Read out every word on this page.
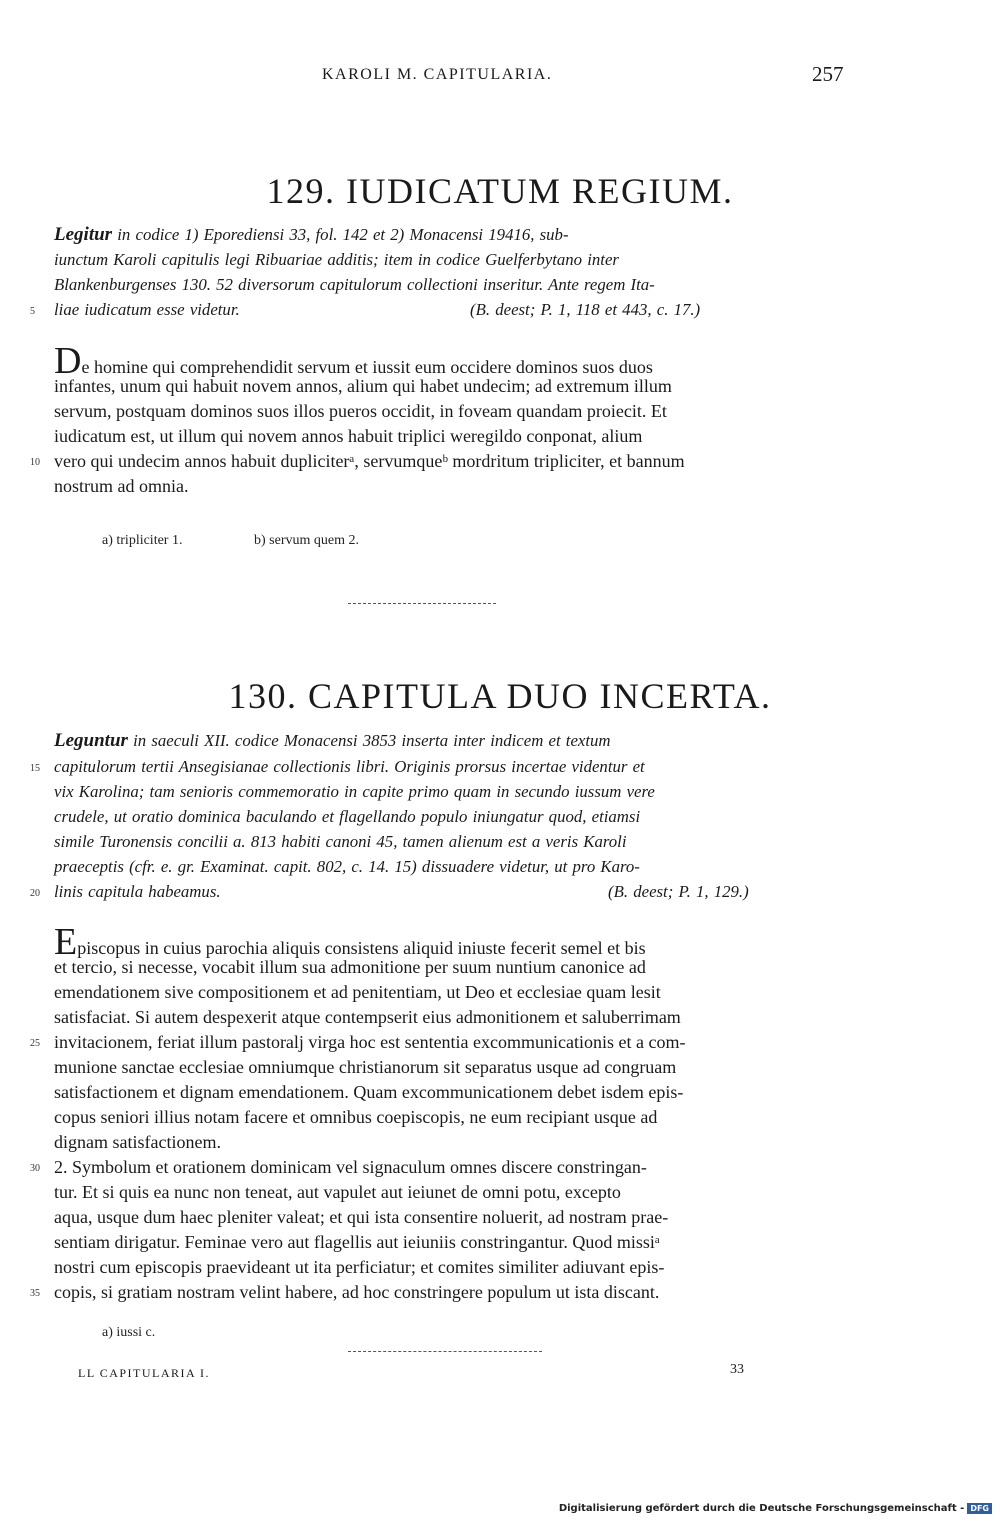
KAROLI M. CAPITULARIA.	257
129. IUDICATUM REGIUM.
Legitur in codice 1) Eporediensi 33, fol. 142 et 2) Monacensi 19416, sub-
iunctum Karoli capitulis legi Ribuariae additis; item in codice Guelferbytano inter
Blankenburgenses 130. 52 diversorum capitulorum collectioni inseritur. Ante regem Ita-
liae iudicatum esse videtur.	(B. deest; P. 1, 118 et 443, c. 17.)
De homine qui comprehendidit servum et iussit eum occidere dominos suos duos
infantes, unum qui habuit novem annos, alium qui habet undecim; ad extremum illum
servum, postquam dominos suos illos pueros occidit, in foveam quandam proiecit. Et
iudicatum est, ut illum qui novem annos habuit triplici weregildo conponat, alium
vero qui undecim annos habuit dupliciterᵃ, servumqueᵇ mordritum tripliciter, et bannum
nostrum ad omnia.
a) tripliciter 1.	b) servum quem 2.
130. CAPITULA DUO INCERTA.
Leguntur in saeculi XII. codice Monacensi 3853 inserta inter indicem et textum
capitulorum tertii Ansegisianae collectionis libri. Originis prorsus incertae videntur et
vix Karolina; tam senioris commemoratio in capite primo quam in secundo iussum vere
crudele, ut oratio dominica baculando et flagellando populo iniungatur quod, etiamsi
simile Turonensis concilii a. 813 habiti canoni 45, tamen alienum est a veris Karoli
praeceptis (cfr. e. gr. Examinat. capit. 802, c. 14. 15) dissuadere videtur, ut pro Karo-
linis capitula habeamus.	(B. deest; P. 1, 129.)
Episcopus in cuius parochia aliquis consistens aliquid iniuste fecerit semel et bis
et tercio, si necesse, vocabit illum sua admonitione per suum nuntium canonice ad
emendationem sive compositionem et ad penitentiam, ut Deo et ecclesiae quam lesit
satisfaciat. Si autem despexerit atque contempserit eius admonitionem et saluberrimam
invitacionem, feriat illum pastoralj virga hoc est sententia excommunicationis et a com-
munione sanctae ecclesiae omniumque christianorum sit separatus usque ad congruam
satisfactionem et dignam emendationem. Quam excommunicationem debet isdem epis-
copus seniori illius notam facere et omnibus coepiscopis, ne eum recipiant usque ad
dignam satisfactionem.
2. Symbolum et orationem dominicam vel signaculum omnes discere constringan-
tur. Et si quis ea nunc non teneat, aut vapulet aut ieiunet de omni potu, excepto
aqua, usque dum haec pleniter valeat; et qui ista consentire noluerit, ad nostram prae-
sentiam dirigatur. Feminae vero aut flagellis aut ieiuniis constringantur. Quod missiᵃ
nostri cum episcopis praevideant ut ita perficiatur; et comites similiter adiuvant epis-
copis, si gratiam nostram velint habere, ad hoc constringere populum ut ista discant.
a) iussi c.
5
10
15
20
25
30
35
LL CAPITULARIA I.	33
Digitalisierung gefördert durch die Deutsche Forschungsgemeinschaft - DFG
